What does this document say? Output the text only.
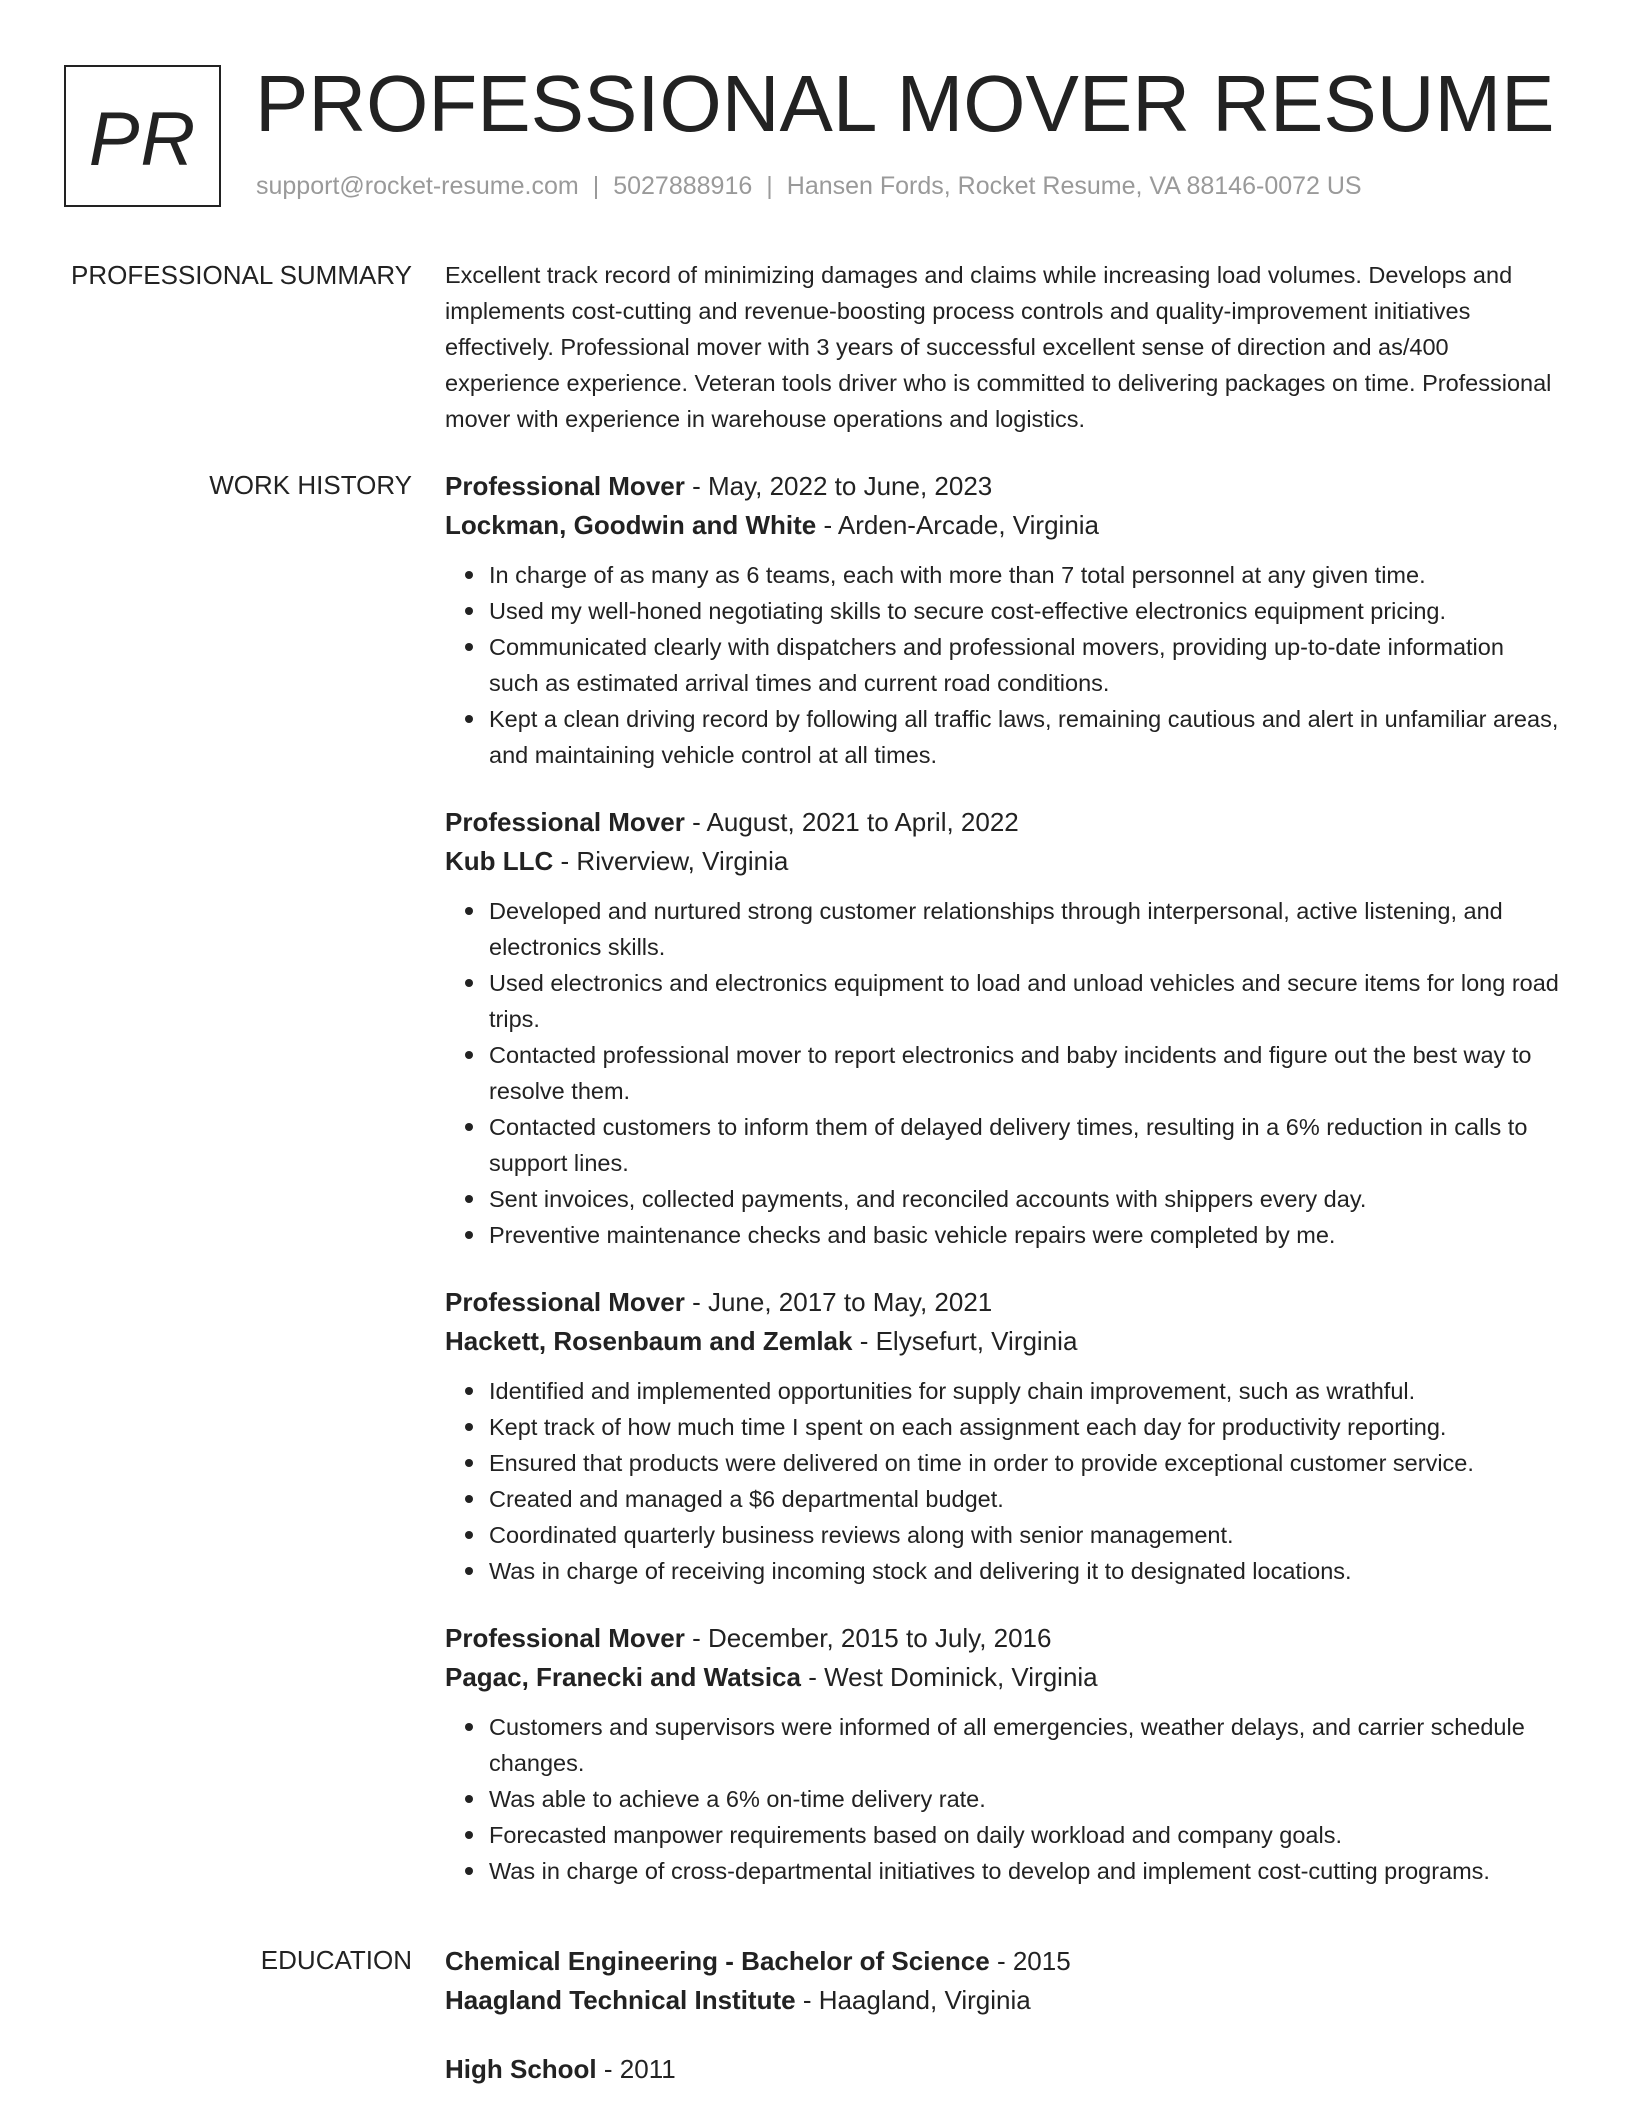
PR PROFESSIONAL MOVER RESUME
support@rocket-resume.com | 5027888916 | Hansen Fords, Rocket Resume, VA 88146-0072 US
PROFESSIONAL SUMMARY Excellent track record of minimizing damages and claims while increasing load volumes. Develops and implements cost-cutting and revenue-boosting process controls and quality-improvement initiatives effectively. Professional mover with 3 years of successful excellent sense of direction and as/400 experience experience. Veteran tools driver who is committed to delivering packages on time. Professional mover with experience in warehouse operations and logistics.

WORK HISTORY Professional Mover - May, 2022 to June, 2023
Lockman, Goodwin and White - Arden-Arcade, Virginia
In charge of as many as 6 teams, each with more than 7 total personnel at any given time.
Used my well-honed negotiating skills to secure cost-effective electronics equipment pricing.
Communicated clearly with dispatchers and professional movers, providing up-to-date information such as estimated arrival times and current road conditions.
Kept a clean driving record by following all traffic laws, remaining cautious and alert in unfamiliar areas, and maintaining vehicle control at all times.
Professional Mover - August, 2021 to April, 2022
Kub LLC - Riverview, Virginia
Developed and nurtured strong customer relationships through interpersonal, active listening, and electronics skills.
Used electronics and electronics equipment to load and unload vehicles and secure items for long road trips.
Contacted professional mover to report electronics and baby incidents and figure out the best way to resolve them.
Contacted customers to inform them of delayed delivery times, resulting in a 6% reduction in calls to support lines.
Sent invoices, collected payments, and reconciled accounts with shippers every day.
Preventive maintenance checks and basic vehicle repairs were completed by me.
Professional Mover - June, 2017 to May, 2021
Hackett, Rosenbaum and Zemlak - Elysefurt, Virginia
Identified and implemented opportunities for supply chain improvement, such as wrathful.
Kept track of how much time I spent on each assignment each day for productivity reporting.
Ensured that products were delivered on time in order to provide exceptional customer service.
Created and managed a $6 departmental budget.
Coordinated quarterly business reviews along with senior management.
Was in charge of receiving incoming stock and delivering it to designated locations.
Professional Mover - December, 2015 to July, 2016
Pagac, Franecki and Watsica - West Dominick, Virginia
Customers and supervisors were informed of all emergencies, weather delays, and carrier schedule changes.
Was able to achieve a 6% on-time delivery rate.
Forecasted manpower requirements based on daily workload and company goals.
Was in charge of cross-departmental initiatives to develop and implement cost-cutting programs.
EDUCATION Chemical Engineering - Bachelor of Science - 2015
Haagland Technical Institute - Haagland, Virginia
High School - 2011
